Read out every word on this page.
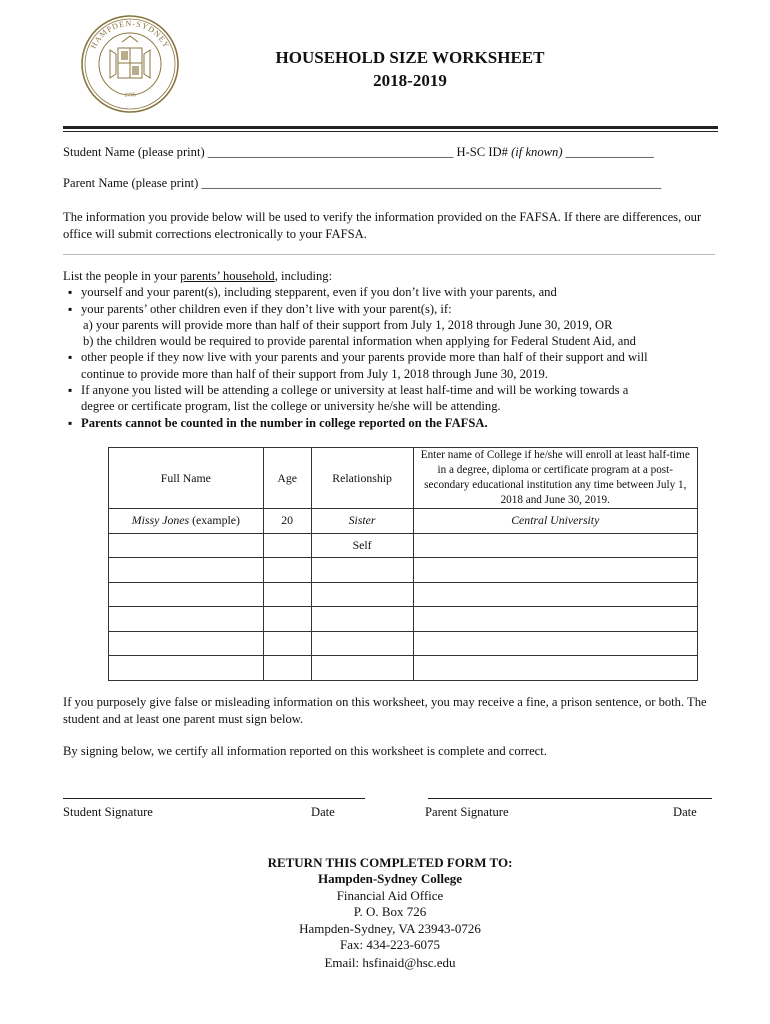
HAMPDEN-SYDNEY
1776
HOUSEHOLD SIZE WORKSHEET
2018-2019
Student Name (please print) _______________________________________ H-SC ID# (if known) ______________
Parent Name (please print) _________________________________________________________________________
The information you provide below will be used to verify the information provided on the FAFSA. If there are differences, our office will submit corrections electronically to your FAFSA.
List the people in your parents’ household, including:
▪ yourself and your parent(s), including stepparent, even if you don’t live with your parents, and
▪ your parents’ other children even if they don’t live with your parent(s), if:
a) your parents will provide more than half of their support from July 1, 2018 through June 30, 2019, OR
b) the children would be required to provide parental information when applying for Federal Student Aid, and
▪ other people if they now live with your parents and your parents provide more than half of their support and will
continue to provide more than half of their support from July 1, 2018 through June 30, 2019.
▪ If anyone you listed will be attending a college or university at least half-time and will be working towards a
degree or certificate program, list the college or university he/she will be attending.
▪ Parents cannot be counted in the number in college reported on the FAFSA.
Full Name	Age	Relationship	Enter name of College if he/she will enroll at least half-time in a degree, diploma or certificate program at a post-secondary educational institution any time between July 1, 2018 and June 30, 2019.
Missy Jones (example)	20	Sister	Central University
		Self	

If you purposely give false or misleading information on this worksheet, you may receive a fine, a prison sentence, or both. The student and at least one parent must sign below.
By signing below, we certify all information reported on this worksheet is complete and correct.
Student Signature	Date	Parent Signature	Date
RETURN THIS COMPLETED FORM TO:
Hampden-Sydney College
Financial Aid Office
P. O. Box 726
Hampden-Sydney, VA 23943-0726
Fax: 434-223-6075
Email: hsfinaid@hsc.edu
